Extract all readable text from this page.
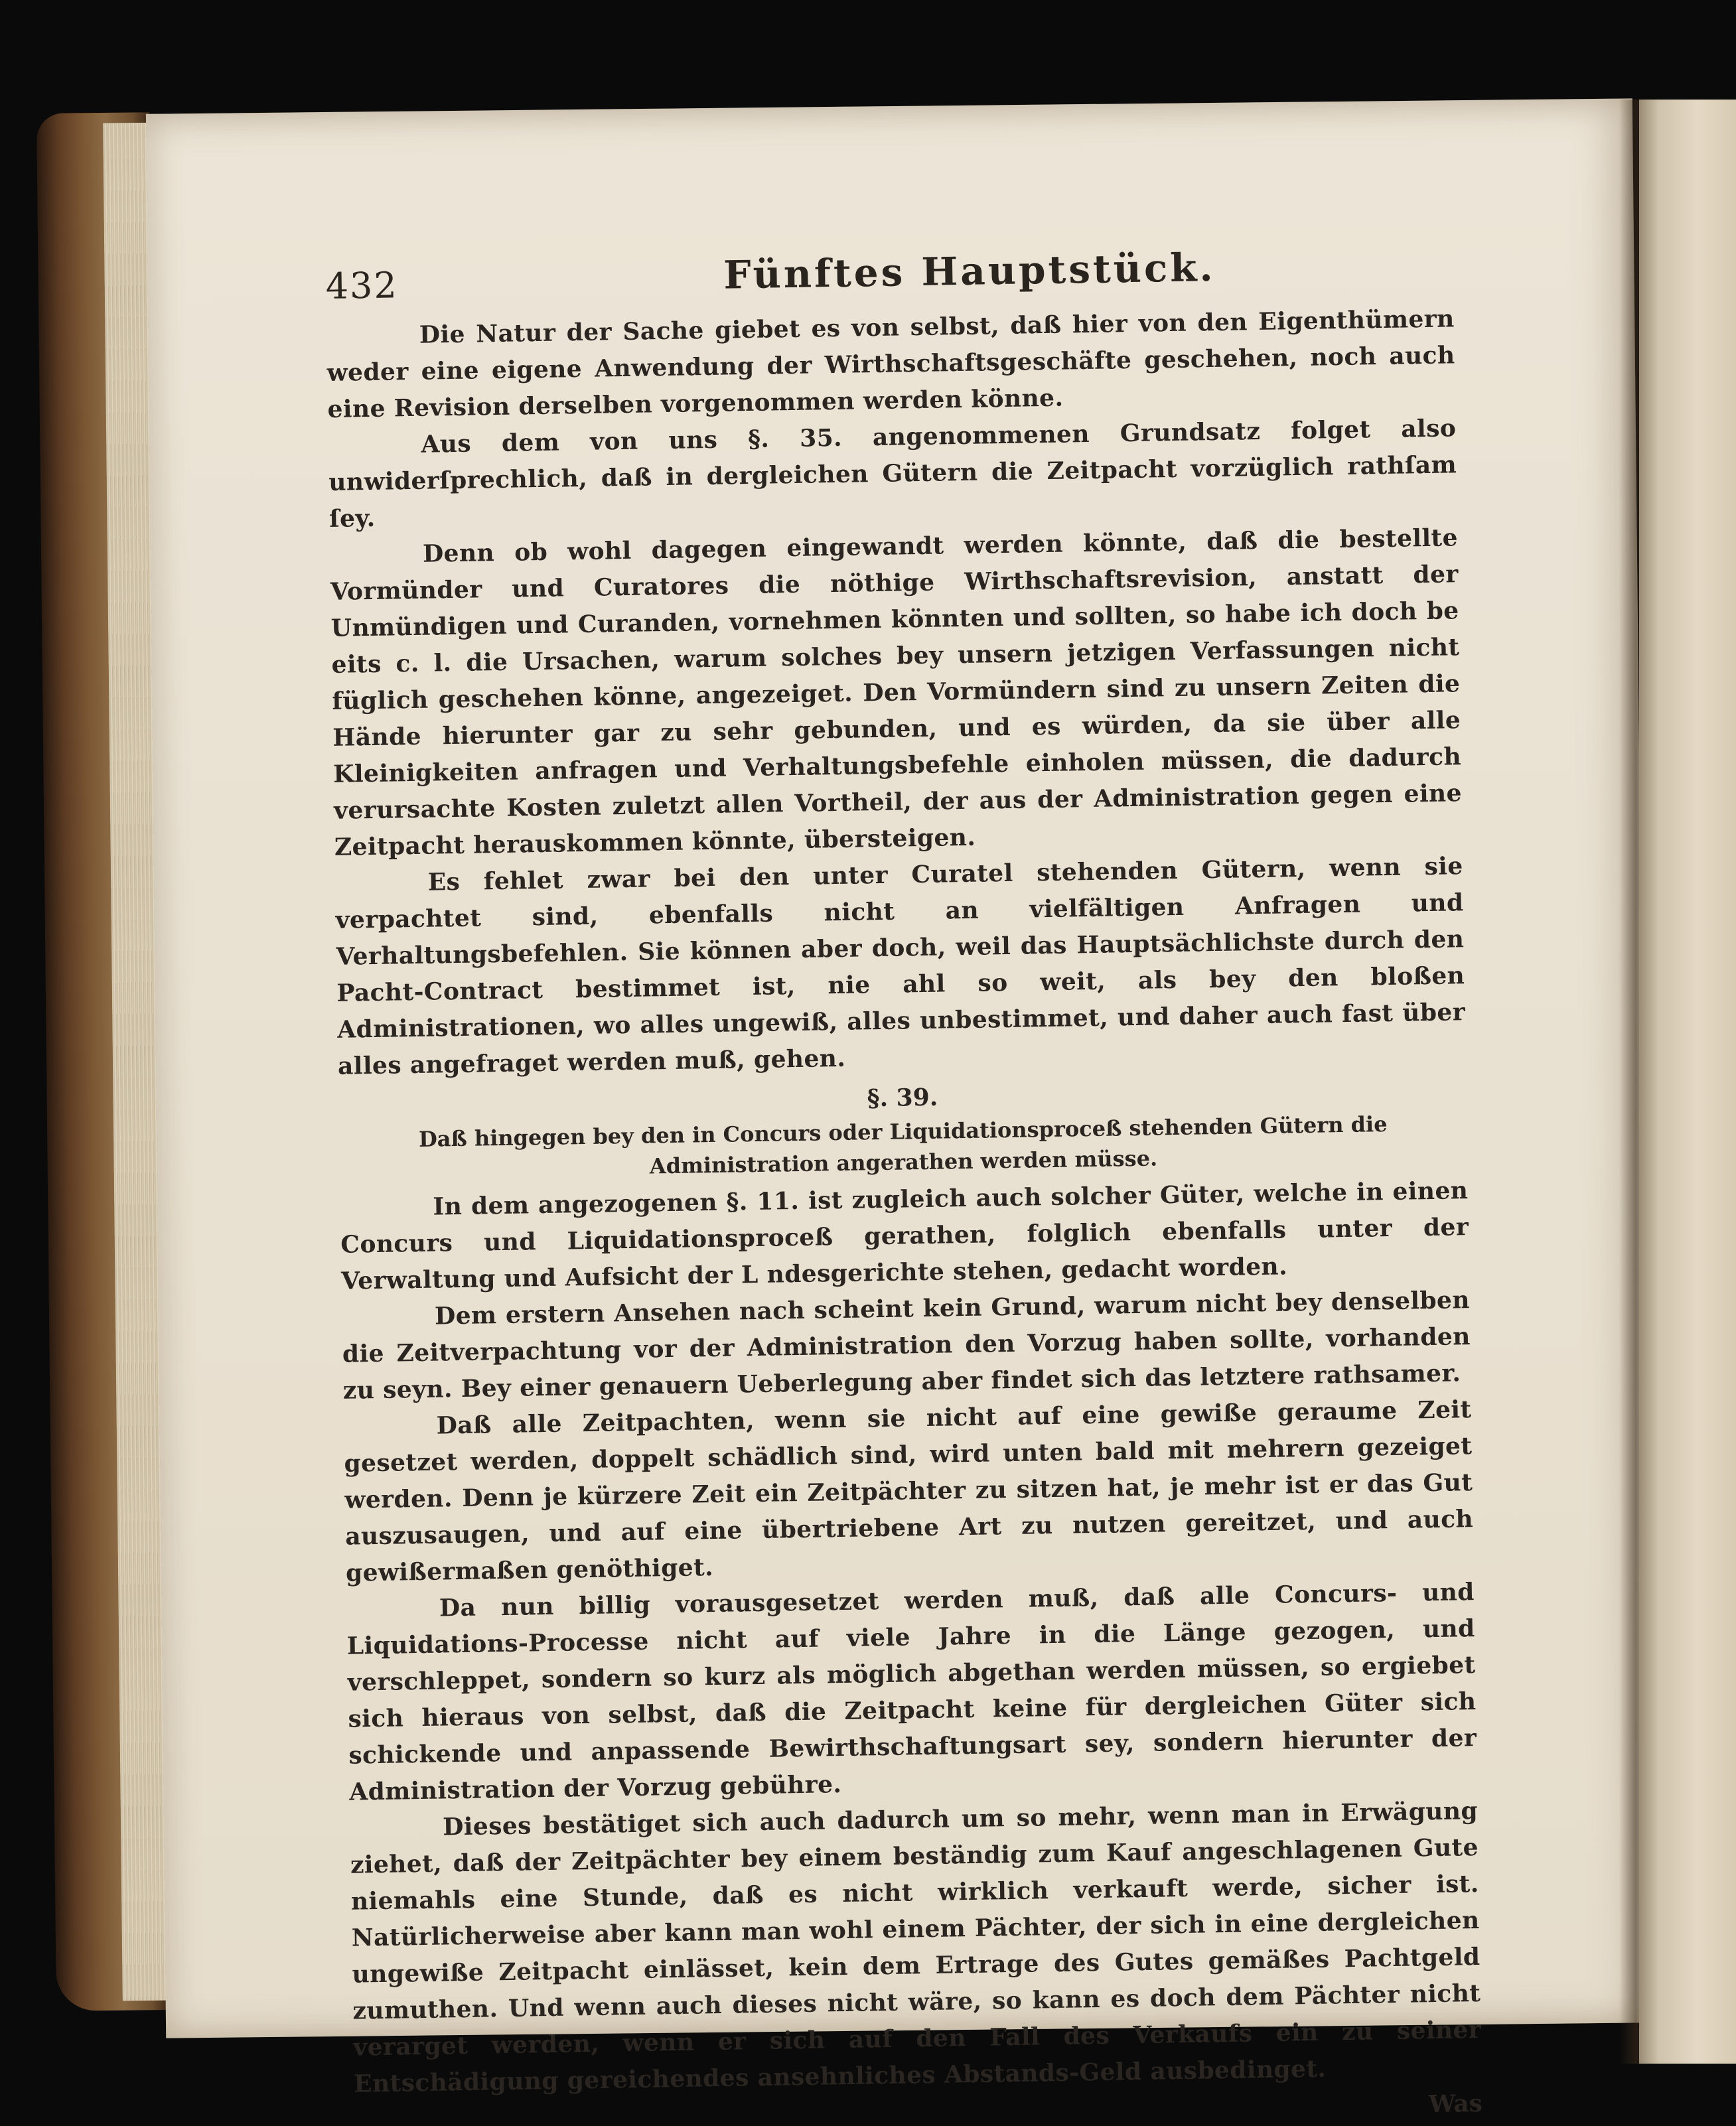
432	Fünftes Hauptstück.

Die Natur der Sache giebet es von selbst, daß hier von den Eigenthümern weder eine eigene Anwendung der Wirthschaftsgeschäfte geschehen, noch auch eine Revision derselben vorgenommen werden könne.

Aus dem von uns §. 35. angenommenen Grundsatz folget also unwiderſprechlich, daß in dergleichen Gütern die Zeitpacht vorzüglich rathſam ſey.

Denn ob wohl dagegen eingewandt werden könnte, daß die bestellte Vormünder und Curatores die nöthige Wirthschaftsrevision, anstatt der Unmündigen und Curanden, vornehmen könnten und sollten, so habe ich doch be eits c. l. die Ursachen, warum solches bey unsern jetzigen Verfassungen nicht füglich geschehen könne, angezeiget. Den Vormündern sind zu unsern Zeiten die Hände hierunter gar zu sehr gebunden, und es würden, da sie über alle Kleinigkeiten anfragen und Verhaltungsbefehle einholen müssen, die dadurch verursachte Kosten zuletzt allen Vortheil, der aus der Administration gegen eine Zeitpacht herauskommen könnte, übersteigen.

Es fehlet zwar bei den unter Curatel stehenden Gütern, wenn sie verpachtet sind, ebenfalls nicht an vielfältigen Anfragen und Verhaltungsbefehlen. Sie können aber doch, weil das Hauptsächlichste durch den Pacht-Contract bestimmet ist, nie ahl so weit, als bey den bloßen Administrationen, wo alles ungewiß, alles unbestimmet, und daher auch fast über alles angefraget werden muß, gehen.

§. 39.

Daß hingegen bey den in Concurs oder Liquidationsproceß stehenden Gütern die Administration angerathen werden müsse.

In dem angezogenen §. 11. ist zugleich auch solcher Güter, welche in einen Concurs und Liquidationsproceß gerathen, folglich ebenfalls unter der Verwaltung und Aufsicht der L ndesgerichte stehen, gedacht worden.

Dem erstern Ansehen nach scheint kein Grund, warum nicht bey denselben die Zeitverpachtung vor der Administration den Vorzug haben sollte, vorhanden zu seyn. Bey einer genauern Ueberlegung aber findet sich das letztere rathsamer.

Daß alle Zeitpachten, wenn sie nicht auf eine gewiße geraume Zeit gesetzet werden, doppelt schädlich sind, wird unten bald mit mehrern gezeiget werden. Denn je kürzere Zeit ein Zeitpächter zu sitzen hat, je mehr ist er das Gut auszusaugen, und auf eine übertriebene Art zu nutzen gereitzet, und auch gewißermaßen genöthiget.

Da nun billig vorausgesetzet werden muß, daß alle Concurs- und Liquidations-Processe nicht auf viele Jahre in die Länge gezogen, und verschleppet, sondern so kurz als möglich abgethan werden müssen, so ergiebet sich hieraus von selbst, daß die Zeitpacht keine für dergleichen Güter sich schickende und anpassende Bewirthschaftungsart sey, sondern hierunter der Administration der Vorzug gebühre.

Dieses bestätiget sich auch dadurch um so mehr, wenn man in Erwägung ziehet, daß der Zeitpächter bey einem beständig zum Kauf angeschlagenen Gute niemahls eine Stunde, daß es nicht wirklich verkauft werde, sicher ist. Natürlicherweise aber kann man wohl einem Pächter, der sich in eine dergleichen ungewiße Zeitpacht einlässet, kein dem Ertrage des Gutes gemäßes Pachtgeld zumuthen. Und wenn auch dieses nicht wäre, so kann es doch dem Pächter nicht verarget werden, wenn er sich auf den Fall des Verkaufs ein zu seiner Entschädigung gereichendes ansehnliches Abstands-Geld ausbedinget.

Was
